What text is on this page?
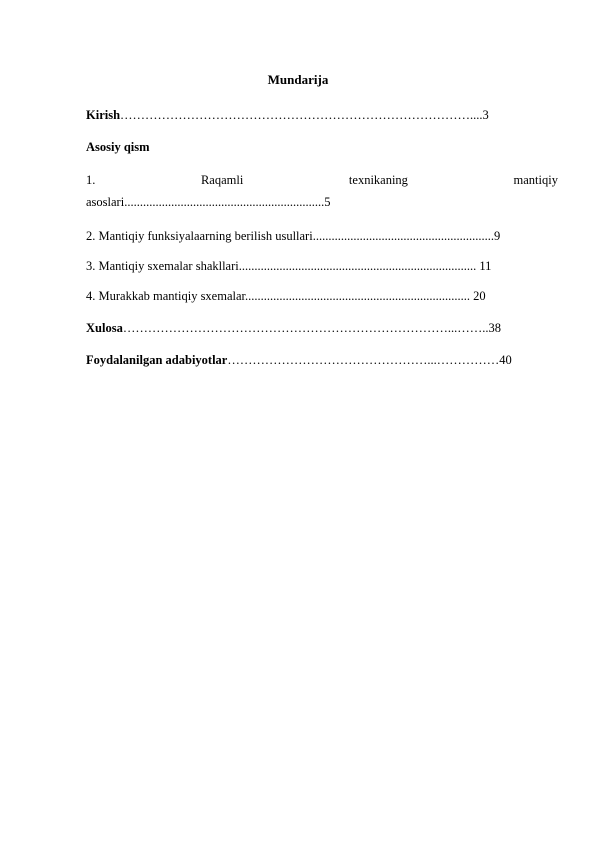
Mundarija
Kirish…………………………………………………………………………....3
Asosiy qism
1.	Raqamli	texnikaning	mantiqiy
asoslari................................................................5
2. Mantiqiy funksiyalaarning berilish usullari..........................................................9
3. Mantiqiy sxemalar shakllari............................................................................ 11
4. Murakkab mantiqiy sxemalar........................................................................ 20
Xulosa……………………………………………………………………...……..38
Foydalanilgan adabiyotlar…………………………………………...……………40
